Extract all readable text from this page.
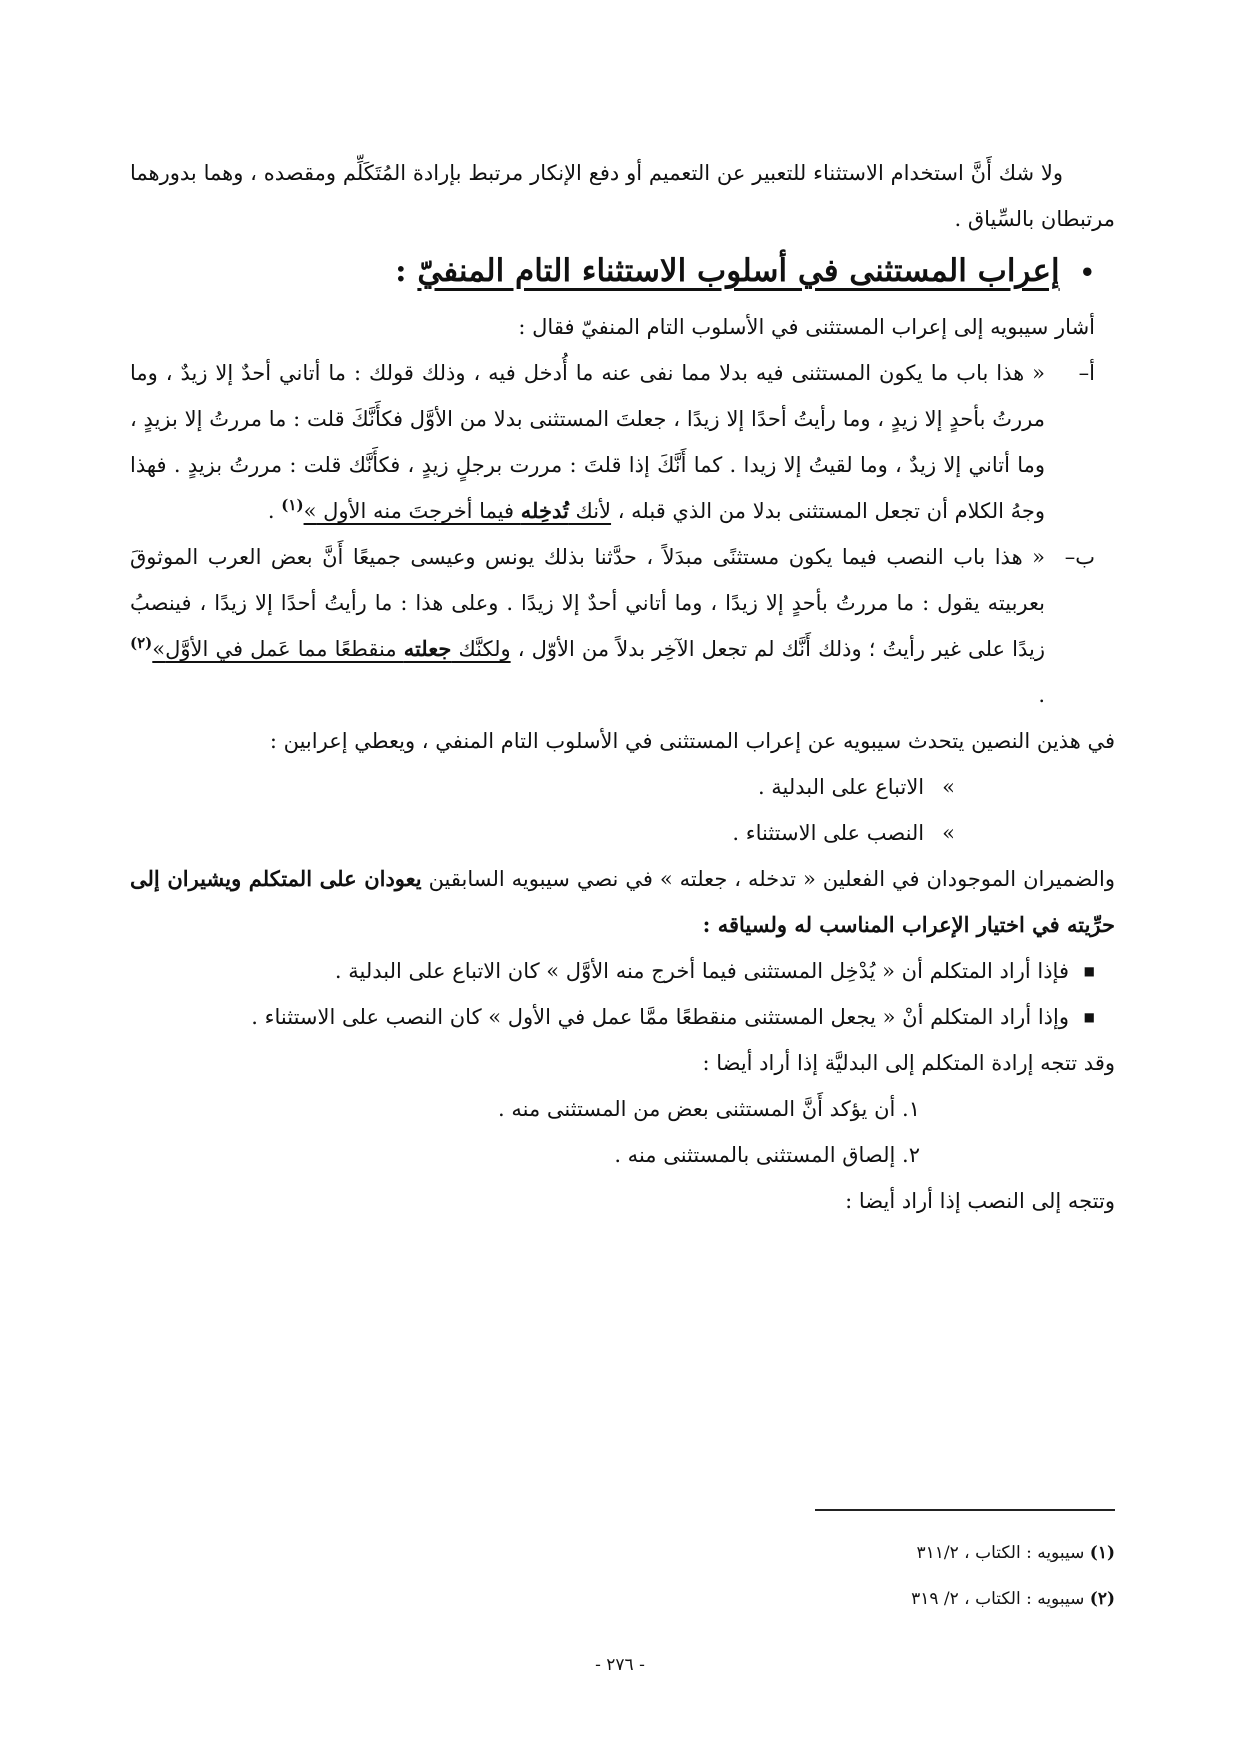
ولا شك أَنَّ استخدام الاستثناء للتعبير عن التعميم أو دفع الإنكار مرتبط بإرادة المُتَكَلِّم ومقصده ، وهما بدورهما مرتبطان بالسِّياق .

•إعراب المستثنى في أسلوب الاستثناء التام المنفيّ :

أشار سيبويه إلى إعراب المستثنى في الأسلوب التام المنفيّ فقال :

أ–
« هذا باب ما يكون المستثنى فيه بدلا مما نفى عنه ما أُدخل فيه ، وذلك قولك : ما أتاني أحدٌ إلا زيدٌ ، وما مررتُ بأحدٍ إلا زيدٍ ، وما رأيتُ أحدًا إلا زيدًا ، جعلتَ المستثنى بدلا من الأوَّل فكأَنَّكَ قلت : ما مررتُ إلا بزيدٍ ، وما أتاني إلا زيدٌ ، وما لقيتُ إلا زيدا . كما أَنَّكَ إذا قلتَ : مررت برجلٍ زيدٍ ، فكأَنَّك قلت : مررتُ بزيدٍ . فهذا وجهُ الكلام أن تجعل المستثنى بدلا من الذي قبله ، لأنك تُدخِله فيما أخرجتَ منه الأول »$^{(١)}$ .
ب–
« هذا باب النصب فيما يكون مستثنًى مبدَلاً ، حدَّثنا بذلك يونس وعيسى جميعًا أَنَّ بعض العرب الموثوقَ بعربيته يقول : ما مررتُ بأحدٍ إلا زيدًا ، وما أتاني أحدٌ إلا زيدًا . وعلى هذا : ما رأيتُ أحدًا إلا زيدًا ، فينصبُ زيدًا على غير رأيتُ ؛ وذلك أَنَّك لم تجعل الآخِر بدلاً من الأوّل ، ولكنَّك جعلته منقطعًا مما عَمل في الأوَّل»$^{(٢)}$ .

في هذين النصين يتحدث سيبويه عن إعراب المستثنى في الأسلوب التام المنفي ، ويعطي إعرابين :

»الاتباع على البدلية .

»النصب على الاستثناء .

والضميران الموجودان في الفعلين « تدخله ، جعلته » في نصي سيبويه السابقين يعودان على المتكلم ويشيران إلى حرِّيته في اختيار الإعراب المناسب له ولسياقه :

■
فإذا أراد المتكلم أن « يُدْخِل المستثنى فيما أخرج منه الأوَّل » كان الاتباع على البدلية .
■
وإذا أراد المتكلم أنْ « يجعل المستثنى منقطعًا ممَّا عمل في الأول » كان النصب على الاستثناء .

وقد تتجه إرادة المتكلم إلى البدليَّة إذا أراد أيضا :

١. أن يؤكد أَنَّ المستثنى بعض من المستثنى منه .

٢. إلصاق المستثنى بالمستثنى منه .

وتتجه إلى النصب إذا أراد أيضا :

(١) سيبويه : الكتاب ، ٣١١/٢
(٢) سيبويه : الكتاب ، ٢/ ٣١٩
- ٢٧٦ -
